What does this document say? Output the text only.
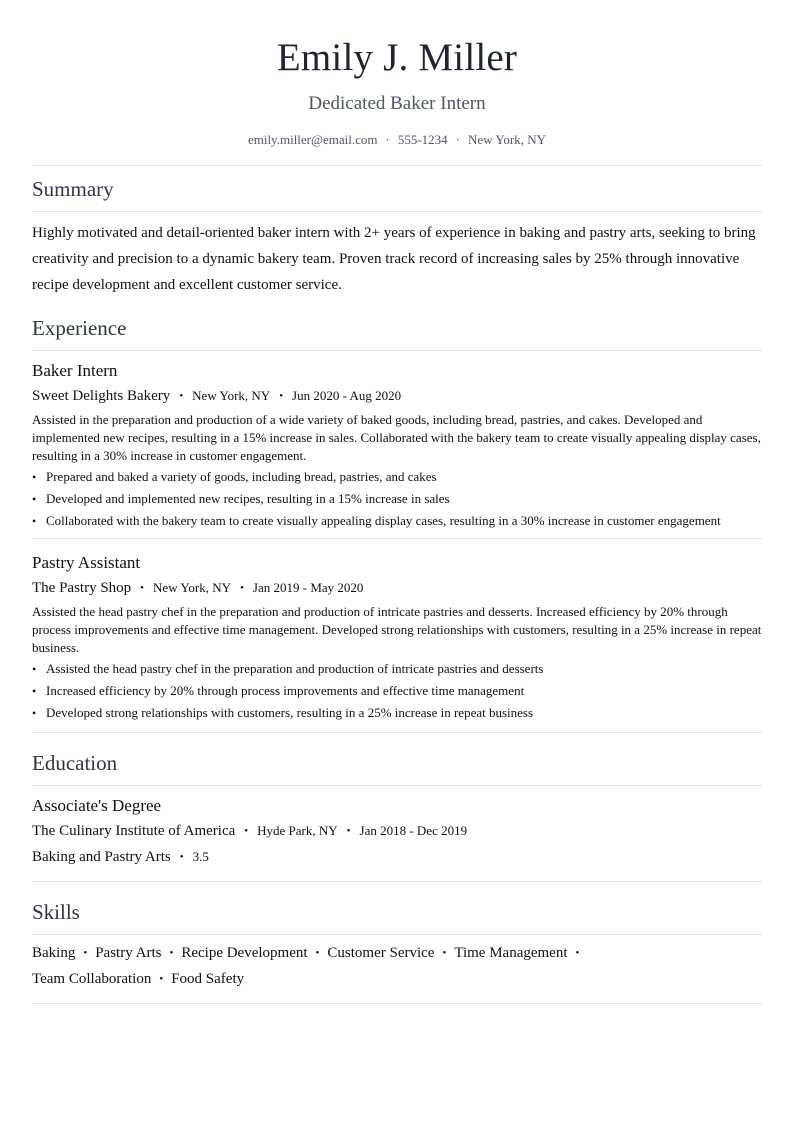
Emily J. Miller
Dedicated Baker Intern
emily.miller@email.com · 555-1234 · New York, NY
Summary

Highly motivated and detail-oriented baker intern with 2+ years of experience in baking and pastry arts, seeking to bring creativity and precision to a dynamic bakery team. Proven track record of increasing sales by 25% through innovative recipe development and excellent customer service.

Experience
Baker Intern
Sweet Delights Bakery • New York, NY • Jun 2020 - Aug 2020
Assisted in the preparation and production of a wide variety of baked goods, including bread, pastries, and cakes. Developed and implemented new recipes, resulting in a 15% increase in sales. Collaborated with the bakery team to create visually appealing display cases, resulting in a 30% increase in customer engagement.
• Prepared and baked a variety of goods, including bread, pastries, and cakes
• Developed and implemented new recipes, resulting in a 15% increase in sales
• Collaborated with the bakery team to create visually appealing display cases, resulting in a 30% increase in customer engagement
Pastry Assistant
The Pastry Shop • New York, NY • Jan 2019 - May 2020
Assisted the head pastry chef in the preparation and production of intricate pastries and desserts. Increased efficiency by 20% through process improvements and effective time management. Developed strong relationships with customers, resulting in a 25% increase in repeat business.
• Assisted the head pastry chef in the preparation and production of intricate pastries and desserts
• Increased efficiency by 20% through process improvements and effective time management
• Developed strong relationships with customers, resulting in a 25% increase in repeat business
Education
Associate's Degree
The Culinary Institute of America • Hyde Park, NY • Jan 2018 - Dec 2019
Baking and Pastry Arts • 3.5
Skills
Baking • Pastry Arts • Recipe Development • Customer Service • Time Management •
Team Collaboration • Food Safety
